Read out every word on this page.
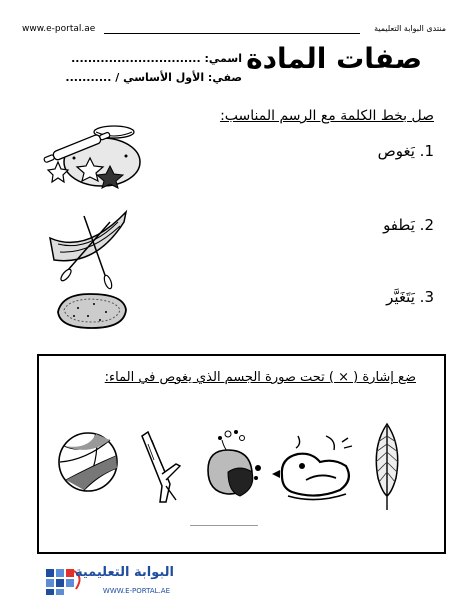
www.e-portal.ae	منتدى البوابة التعليمية
صفات المادة
اسمي: ...............................
صفي: الأول الأساسي / ...........
صل بخط الكلمة مع الرسم المناسب:
1. يَغوص
2. يَطفو
3. يَتَغَيَّر
ضع إشارة ( × ) تحت صورة الجسم الذي يغوص في الماء:
البوابة التعليمية
WWW.E-PORTAL.AE
